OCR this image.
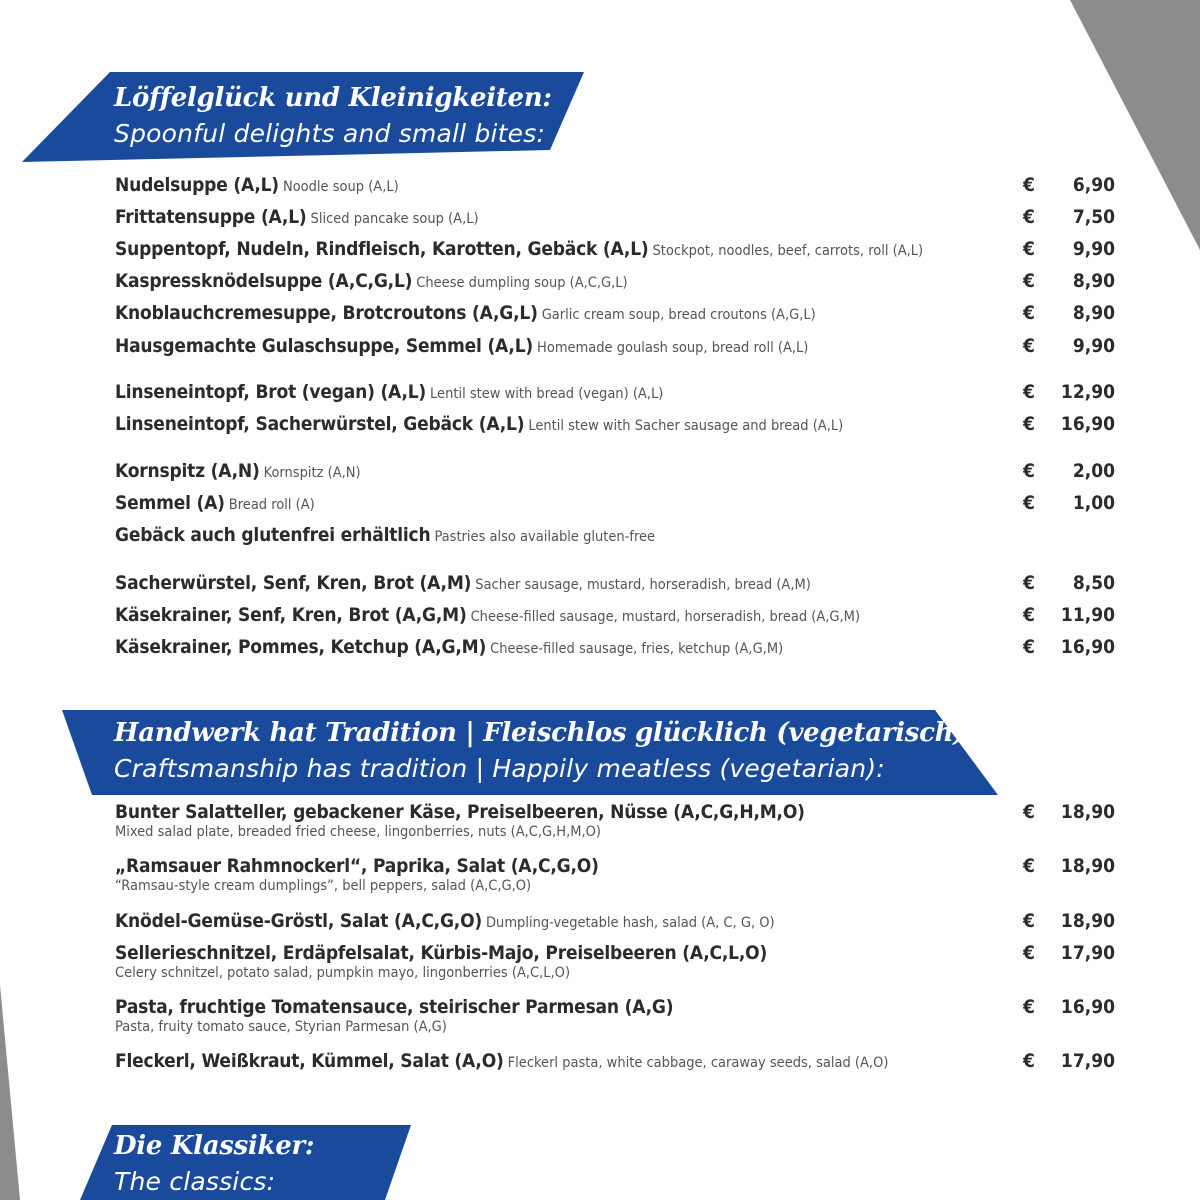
Löffelglück und Kleinigkeiten:
Spoonful delights and small bites:
Nudelsuppe (A,L) Noodle soup (A,L)	€ 6,90
Frittatensuppe (A,L) Sliced pancake soup (A,L)	€ 7,50
Suppentopf, Nudeln, Rindfleisch, Karotten, Gebäck (A,L) Stockpot, noodles, beef, carrots, roll (A,L)	€ 9,90
Kaspressknödelsuppe (A,C,G,L) Cheese dumpling soup (A,C,G,L)	€ 8,90
Knoblauchcremesuppe, Brotcroutons (A,G,L) Garlic cream soup, bread croutons (A,G,L)	€ 8,90
Hausgemachte Gulaschsuppe, Semmel (A,L) Homemade goulash soup, bread roll (A,L)	€ 9,90
Linseneintopf, Brot (vegan) (A,L) Lentil stew with bread (vegan) (A,L)	€ 12,90
Linseneintopf, Sacherwürstel, Gebäck (A,L) Lentil stew with Sacher sausage and bread (A,L)	€ 16,90
Kornspitz (A,N) Kornspitz (A,N)	€ 2,00
Semmel (A) Bread roll (A)	€ 1,00
Gebäck auch glutenfrei erhältlich Pastries also available gluten-free
Sacherwürstel, Senf, Kren, Brot (A,M) Sacher sausage, mustard, horseradish, bread (A,M)	€ 8,50
Käsekrainer, Senf, Kren, Brot (A,G,M) Cheese-filled sausage, mustard, horseradish, bread (A,G,M)	€ 11,90
Käsekrainer, Pommes, Ketchup (A,G,M) Cheese-filled sausage, fries, ketchup (A,G,M)	€ 16,90
Handwerk hat Tradition | Fleischlos glücklich (vegetarisch):
Craftsmanship has tradition | Happily meatless (vegetarian):
Mixed salad plate, breaded fried cheese, lingonberries, nuts (A,C,G,H,M,O)
Bunter Salatteller, gebackener Käse, Preiselbeeren, Nüsse (A,C,G,H,M,O)	€ 18,90
“Ramsau-style cream dumplings”, bell peppers, salad (A,C,G,O)
„Ramsauer Rahmnockerl“, Paprika, Salat (A,C,G,O)	€ 18,90
Knödel-Gemüse-Gröstl, Salat (A,C,G,O) Dumpling-vegetable hash, salad (A, C, G, O)	€ 18,90
Celery schnitzel, potato salad, pumpkin mayo, lingonberries (A,C,L,O)
Sellerieschnitzel, Erdäpfelsalat, Kürbis-Majo, Preiselbeeren (A,C,L,O)	€ 17,90
Pasta, fruity tomato sauce, Styrian Parmesan (A,G)
Pasta, fruchtige Tomatensauce, steirischer Parmesan (A,G)	€ 16,90
Fleckerl, Weißkraut, Kümmel, Salat (A,O) Fleckerl pasta, white cabbage, caraway seeds, salad (A,O)	€ 17,90
Die Klassiker:
The classics:
